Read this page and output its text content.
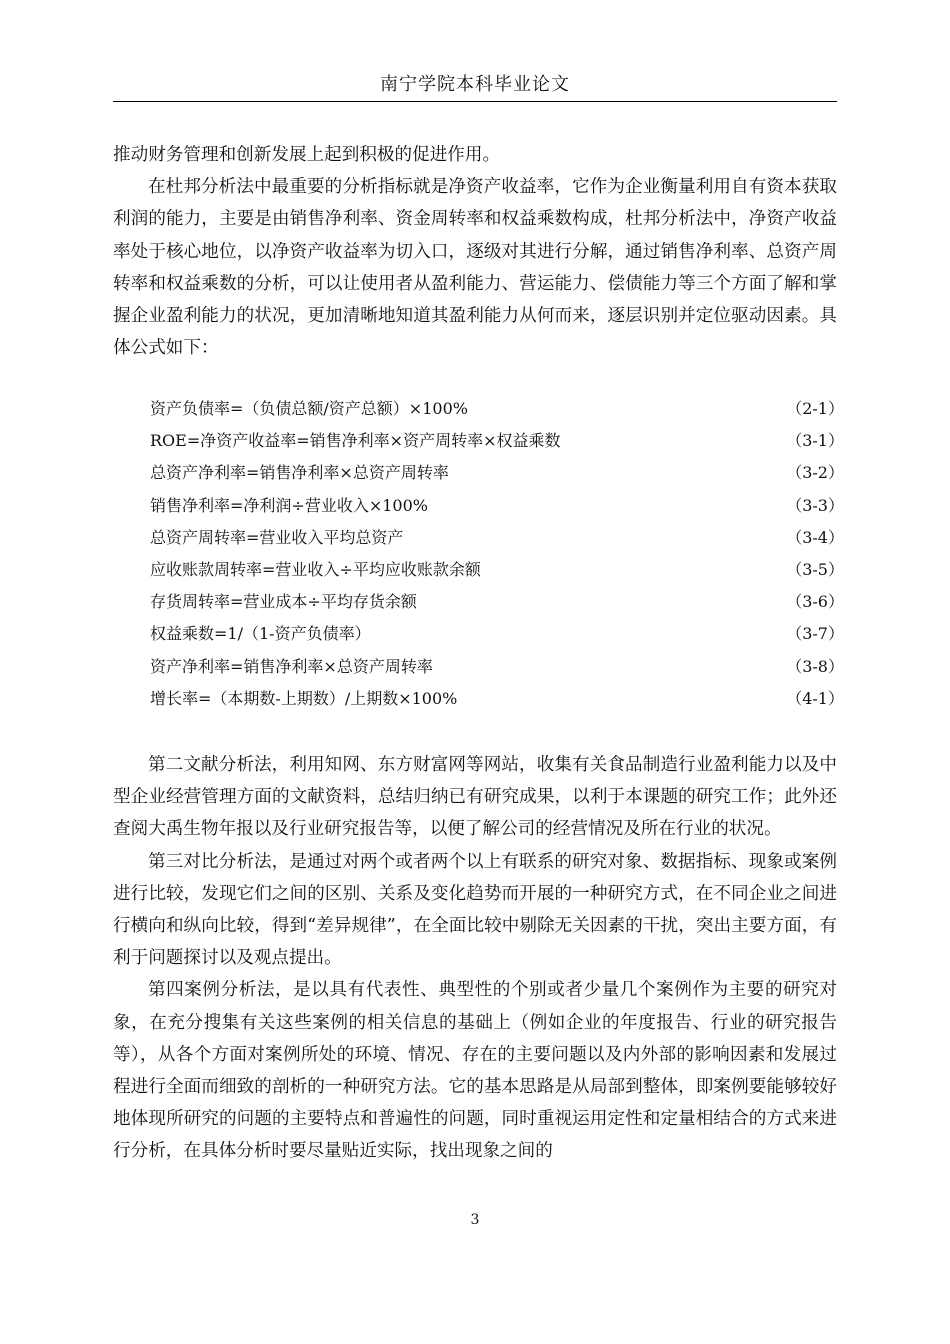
南宁学院本科毕业论文

推动财务管理和创新发展上起到积极的促进作用。

在杜邦分析法中最重要的分析指标就是净资产收益率，它作为企业衡量利用自有资本获取利润的能力，主要是由销售净利率、资金周转率和权益乘数构成，杜邦分析法中，净资产收益率处于核心地位，以净资产收益率为切入口，逐级对其进行分解，通过销售净利率、总资产周转率和权益乘数的分析，可以让使用者从盈利能力、营运能力、偿债能力等三个方面了解和掌握企业盈利能力的状况，更加清晰地知道其盈利能力从何而来，逐层识别并定位驱动因素。具体公式如下：

资产负债率=（负债总额/资产总额）×100%	（2-1）
ROE=净资产收益率=销售净利率×资产周转率×权益乘数	（3-1）
总资产净利率=销售净利率×总资产周转率	（3-2）
销售净利率=净利润÷营业收入×100%	（3-3）
总资产周转率=营业收入平均总资产	（3-4）
应收账款周转率=营业收入÷平均应收账款余额	（3-5）
存货周转率=营业成本÷平均存货余额	（3-6）
权益乘数=1/（1-资产负债率）	（3-7）
资产净利率=销售净利率×总资产周转率	（3-8）
增长率=（本期数-上期数）/上期数×100%	（4-1）

第二文献分析法，利用知网、东方财富网等网站，收集有关食品制造行业盈利能力以及中型企业经营管理方面的文献资料，总结归纳已有研究成果，以利于本课题的研究工作；此外还查阅大禹生物年报以及行业研究报告等，以便了解公司的经营情况及所在行业的状况。

第三对比分析法，是通过对两个或者两个以上有联系的研究对象、数据指标、现象或案例进行比较，发现它们之间的区别、关系及变化趋势而开展的一种研究方式，在不同企业之间进行横向和纵向比较，得到“差异规律”，在全面比较中剔除无关因素的干扰，突出主要方面，有利于问题探讨以及观点提出。

第四案例分析法，是以具有代表性、典型性的个别或者少量几个案例作为主要的研究对象，在充分搜集有关这些案例的相关信息的基础上（例如企业的年度报告、行业的研究报告等），从各个方面对案例所处的环境、情况、存在的主要问题以及内外部的影响因素和发展过程进行全面而细致的剖析的一种研究方法。它的基本思路是从局部到整体，即案例要能够较好地体现所研究的问题的主要特点和普遍性的问题，同时重视运用定性和定量相结合的方式来进行分析，在具体分析时要尽量贴近实际，找出现象之间的

3
